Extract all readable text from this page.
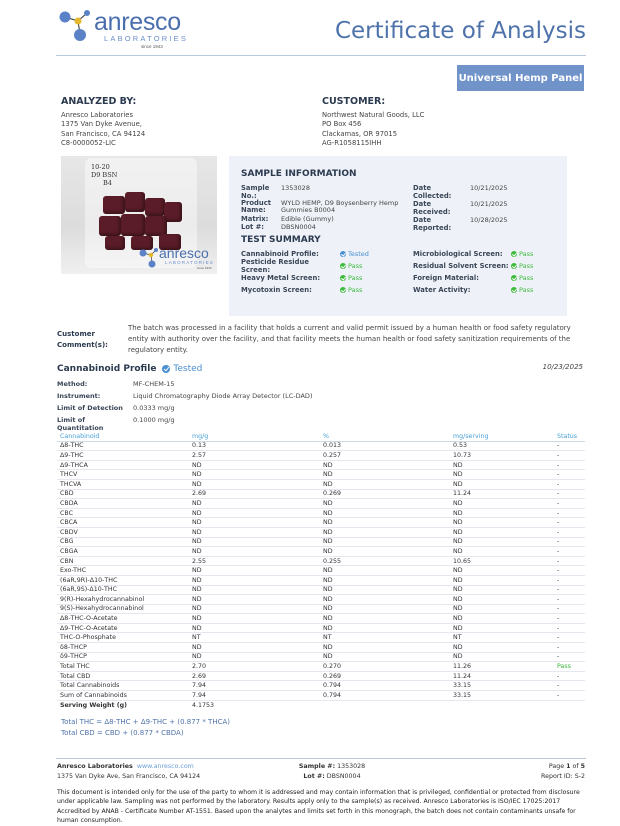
anresco
LABORATORIES
since 1943
Certificate of Analysis
Universal Hemp Panel
ANALYZED BY:
Anresco Laboratories
1375 Van Dyke Avenue,
San Francisco, CA 94124
C8-0000052-LIC
CUSTOMER:
Northwest Natural Goods, LLC
PO Box 456
Clackamas, OR 97015
AG-R1058115IHH
10-20
D9 BSN
B4
anresco
LABORATORIES
since 1943
SAMPLE INFORMATION
Sample No.:
1353028
Product Name:
WYLD HEMP, D9 Boysenberry Hemp Gummies B0004
Matrix:	Edible (Gummy)
Lot #:	DBSN0004
Date Collected:
10/21/2025
Date Received:
10/21/2025
Date Reported:
10/28/2025
TEST SUMMARY
Cannabinoid Profile:	Tested
Pesticide Residue Screen:	Pass
Heavy Metal Screen:	Pass
Mycotoxin Screen:	Pass
Microbiological Screen:	Pass
Residual Solvent Screen:	Pass
Foreign Material:	Pass
Water Activity:	Pass
Customer Comment(s):
The batch was processed in a facility that holds a current and valid permit issued by a human health or food safety regulatory entity with authority over the facility, and that facility meets the human health or food safety sanitization requirements of the regulatory entity.
Cannabinoid Profile Tested	10/23/2025
Method:	MF-CHEM-15
Instrument:	Liquid Chromatography Diode Array Detector (LC-DAD)
Limit of Detection	0.0333 mg/g
Limit of Quantitation
0.1000 mg/g
Cannabinoid	mg/g	%	mg/serving	Status
Δ8-THC	0.13	0.013	0.53	-
Δ9-THC	2.57	0.257	10.73	-
Δ9-THCA	ND	ND	ND	-
THCV	ND	ND	ND	-
THCVA	ND	ND	ND	-
CBD	2.69	0.269	11.24	-
CBDA	ND	ND	ND	-
CBC	ND	ND	ND	-
CBCA	ND	ND	ND	-
CBDV	ND	ND	ND	-
CBG	ND	ND	ND	-
CBGA	ND	ND	ND	-
CBN	2.55	0.255	10.65	-
Exo-THC	ND	ND	ND	-
(6aR,9R)-Δ10-THC	ND	ND	ND	-
(6aR,9S)-Δ10-THC	ND	ND	ND	-
9(R)-Hexahydrocannabinol	ND	ND	ND	-
9(S)-Hexahydrocannabinol	ND	ND	ND	-
Δ8-THC-O-Acetate	ND	ND	ND	-
Δ9-THC-O-Acetate	ND	ND	ND	-
THC-O-Phosphate	NT	NT	NT	-
δ8-THCP	ND	ND	ND	-
δ9-THCP	ND	ND	ND	-
Total THC	2.70	0.270	11.26	Pass
Total CBD	2.69	0.269	11.24	-
Total Cannabinoids	7.94	0.794	33.15	-
Sum of Cannabinoids	7.94	0.794	33.15	-
Serving Weight (g)	4.1753
Total THC = Δ8-THC + Δ9-THC + (0.877 * THCA)
Total CBD = CBD + (0.877 * CBDA)
Anresco Laboratories www.anresco.com
1375 Van Dyke Ave, San Francisco, CA 94124
Sample #: 1353028
Lot #: DBSN0004
Page 1 of 5
Report ID: S-2
This document is intended only for the use of the party to whom it is addressed and may contain information that is privileged, confidential or protected from disclosure under applicable law. Sampling was not performed by the laboratory. Results apply only to the sample(s) as received. Anresco Laboratories is ISO/IEC 17025:2017 Accredited by ANAB - Certificate Number AT-1551. Based upon the analytes and limits set forth in this monograph, the batch does not contain contaminants unsafe for human consumption.
